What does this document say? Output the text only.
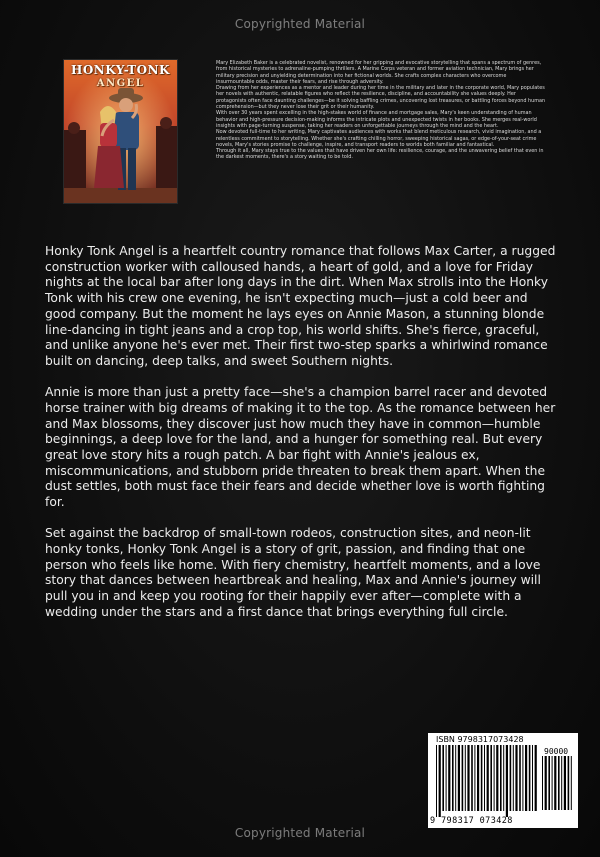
Copyrighted Material
HONKY-TONK
ANGEL

Mary Elizabeth Baker is a celebrated novelist, renowned for her gripping and evocative storytelling that spans a spectrum of genres, from historical mysteries to adrenaline-pumping thrillers. A Marine Corps veteran and former aviation technician, Mary brings her military precision and unyielding determination into her fictional worlds. She crafts complex characters who overcome insurmountable odds, master their fears, and rise through adversity.

Drawing from her experiences as a mentor and leader during her time in the military and later in the corporate world, Mary populates her novels with authentic, relatable figures who reflect the resilience, discipline, and accountability she values deeply. Her protagonists often face daunting challenges—be it solving baffling crimes, uncovering lost treasures, or battling forces beyond human comprehension—but they never lose their grit or their humanity.

With over 30 years spent excelling in the high-stakes world of finance and mortgage sales, Mary's keen understanding of human behavior and high-pressure decision-making informs the intricate plots and unexpected twists in her books. She merges real-world insights with page-turning suspense, taking her readers on unforgettable journeys through the mind and the heart.

Now devoted full-time to her writing, Mary captivates audiences with works that blend meticulous research, vivid imagination, and a relentless commitment to storytelling. Whether she's crafting chilling horror, sweeping historical sagas, or edge-of-your-seat crime novels, Mary's stories promise to challenge, inspire, and transport readers to worlds both familiar and fantastical.

Through it all, Mary stays true to the values that have driven her own life: resilience, courage, and the unwavering belief that even in the darkest moments, there's a story waiting to be told.

Honky Tonk Angel is a heartfelt country romance that follows Max Carter, a rugged construction worker with calloused hands, a heart of gold, and a love for Friday nights at the local bar after long days in the dirt. When Max strolls into the Honky Tonk with his crew one evening, he isn't expecting much—just a cold beer and good company. But the moment he lays eyes on Annie Mason, a stunning blonde line-dancing in tight jeans and a crop top, his world shifts. She's fierce, graceful, and unlike anyone he's ever met. Their first two-step sparks a whirlwind romance built on dancing, deep talks, and sweet Southern nights.

Annie is more than just a pretty face—she's a champion barrel racer and devoted horse trainer with big dreams of making it to the top. As the romance between her and Max blossoms, they discover just how much they have in common—humble beginnings, a deep love for the land, and a hunger for something real. But every great love story hits a rough patch. A bar fight with Annie's jealous ex, miscommunications, and stubborn pride threaten to break them apart. When the dust settles, both must face their fears and decide whether love is worth fighting for.

Set against the backdrop of small-town rodeos, construction sites, and neon-lit honky tonks, Honky Tonk Angel is a story of grit, passion, and finding that one person who feels like home. With fiery chemistry, heartfelt moments, and a love story that dances between heartbreak and healing, Max and Annie's journey will pull you in and keep you rooting for their happily ever after—complete with a wedding under the stars and a first dance that brings everything full circle.

ISBN 9798317073428
90000
9 798317 073428
Copyrighted Material
